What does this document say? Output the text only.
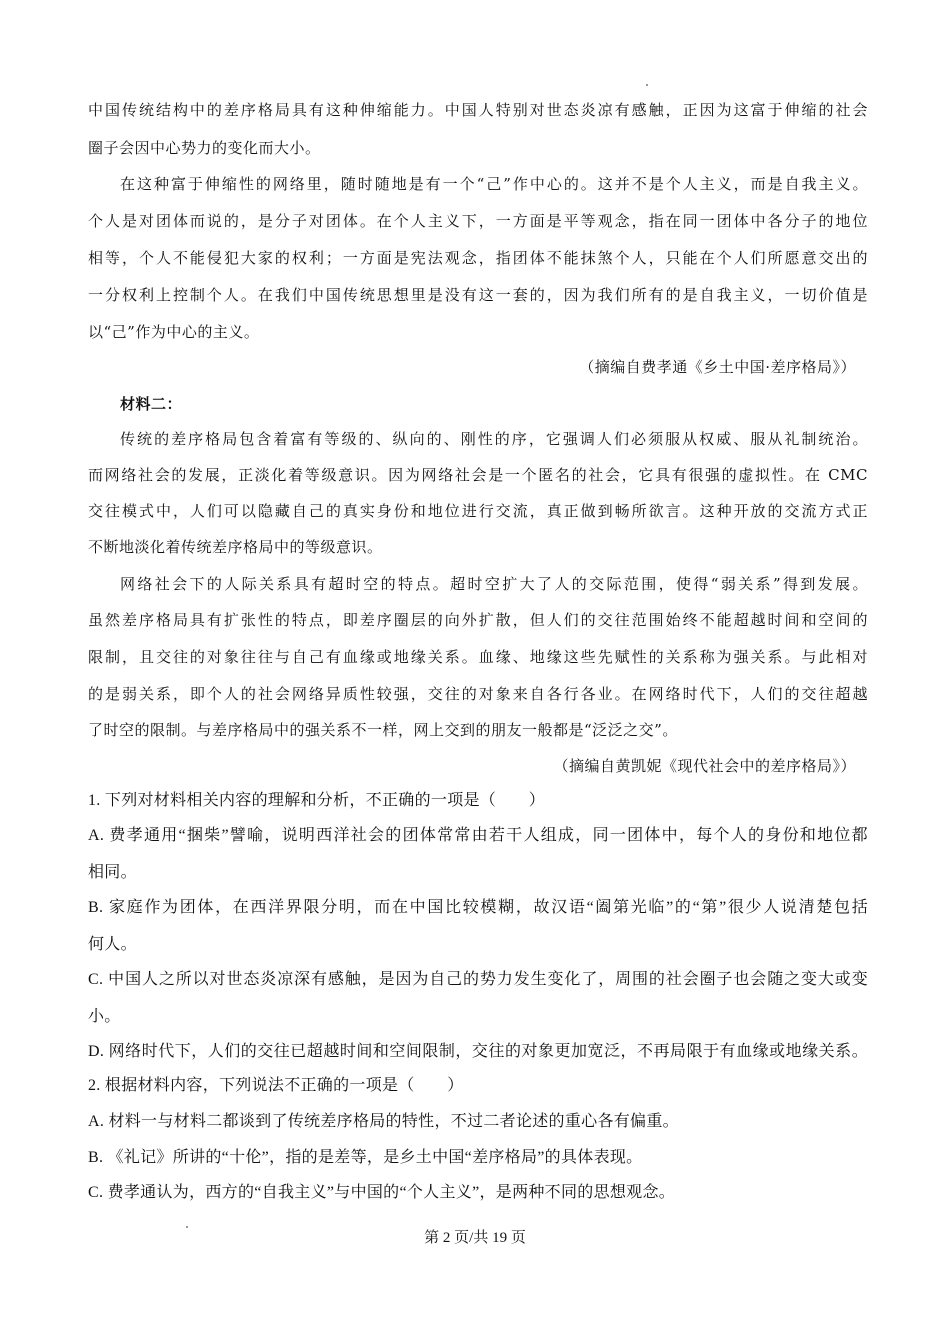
中国传统结构中的差序格局具有这种伸缩能力。中国人特别对世态炎凉有感触，正因为这富于伸缩的社会
圈子会因中心势力的变化而大小。
在这种富于伸缩性的网络里，随时随地是有一个“己”作中心的。这并不是个人主义，而是自我主义。
个人是对团体而说的，是分子对团体。在个人主义下，一方面是平等观念，指在同一团体中各分子的地位
相等，个人不能侵犯大家的权利；一方面是宪法观念，指团体不能抹煞个人，只能在个人们所愿意交出的
一分权利上控制个人。在我们中国传统思想里是没有这一套的，因为我们所有的是自我主义，一切价值是
以“己”作为中心的主义。
（摘编自费孝通《乡土中国·差序格局》）
材料二：
传统的差序格局包含着富有等级的、纵向的、刚性的序，它强调人们必须服从权威、服从礼制统治。
而网络社会的发展，正淡化着等级意识。因为网络社会是一个匿名的社会，它具有很强的虚拟性。在 CMC
交往模式中，人们可以隐藏自己的真实身份和地位进行交流，真正做到畅所欲言。这种开放的交流方式正
不断地淡化着传统差序格局中的等级意识。
网络社会下的人际关系具有超时空的特点。超时空扩大了人的交际范围，使得“弱关系”得到发展。
虽然差序格局具有扩张性的特点，即差序圈层的向外扩散，但人们的交往范围始终不能超越时间和空间的
限制，且交往的对象往往与自己有血缘或地缘关系。血缘、地缘这些先赋性的关系称为强关系。与此相对
的是弱关系，即个人的社会网络异质性较强，交往的对象来自各行各业。在网络时代下，人们的交往超越
了时空的限制。与差序格局中的强关系不一样，网上交到的朋友一般都是“泛泛之交”。
（摘编自黄凯妮《现代社会中的差序格局》）
1. 下列对材料相关内容的理解和分析，不正确的一项是（　　）
A. 费孝通用“捆柴”譬喻，说明西洋社会的团体常常由若干人组成，同一团体中，每个人的身份和地位都
相同。
B. 家庭作为团体，在西洋界限分明，而在中国比较模糊，故汉语“阖第光临”的“第”很少人说清楚包括
何人。
C. 中国人之所以对世态炎凉深有感触，是因为自己的势力发生变化了，周围的社会圈子也会随之变大或变
小。
D. 网络时代下，人们的交往已超越时间和空间限制，交往的对象更加宽泛，不再局限于有血缘或地缘关系。
2. 根据材料内容，下列说法不正确的一项是（　　）
A. 材料一与材料二都谈到了传统差序格局的特性，不过二者论述的重心各有偏重。
B. 《礼记》所讲的“十伦”，指的是差等，是乡土中国“差序格局”的具体表现。
C. 费孝通认为，西方的“自我主义”与中国的“个人主义”，是两种不同的思想观念。
第 2 页/共 19 页
